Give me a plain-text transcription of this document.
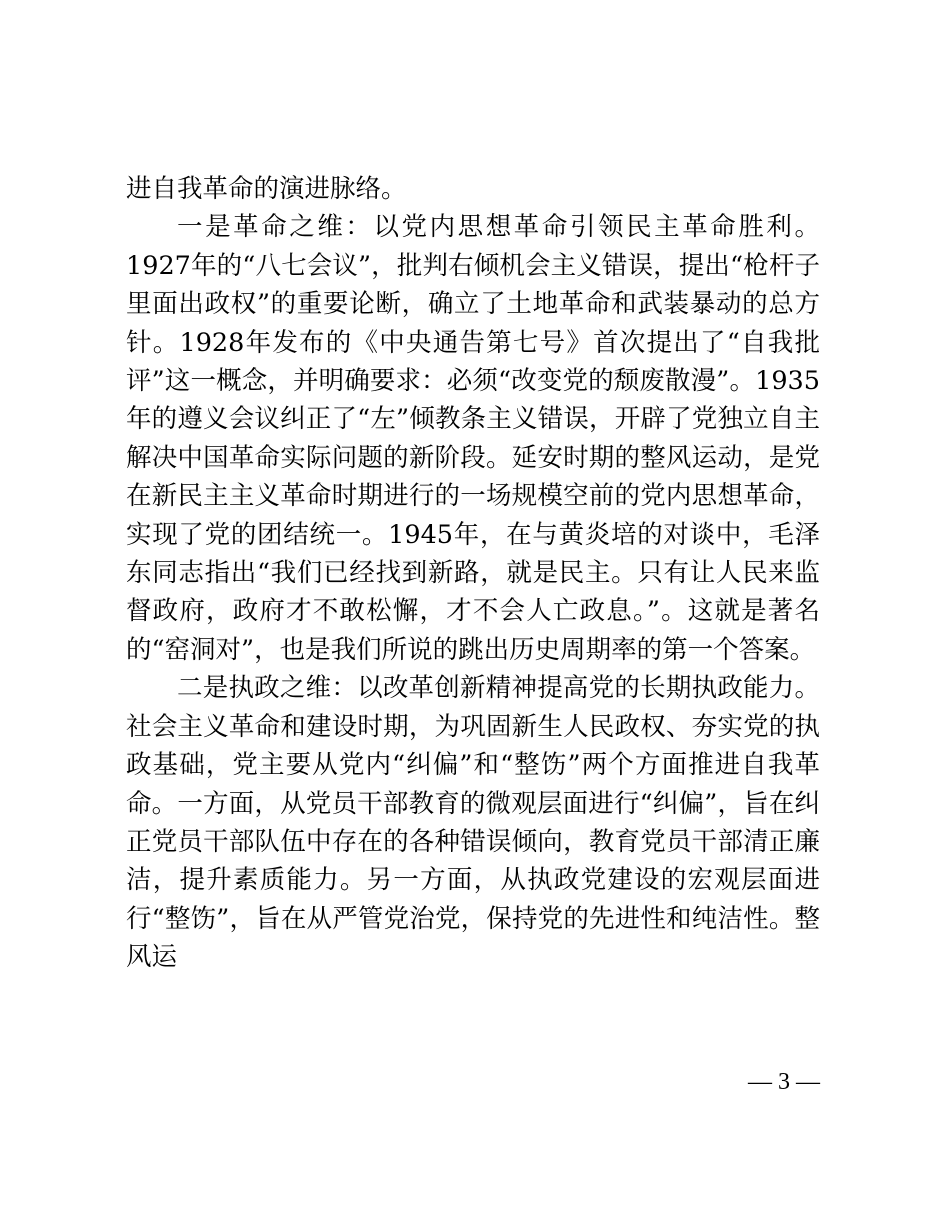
进自我革命的演进脉络。

一是革命之维：以党内思想革命引领民主革命胜利。1927年的“八七会议”，批判右倾机会主义错误，提出“枪杆子里面出政权”的重要论断，确立了土地革命和武装暴动的总方针。1928年发布的《中央通告第七号》首次提出了“自我批评”这一概念，并明确要求：必须“改变党的颓废散漫”。1935年的遵义会议纠正了“左”倾教条主义错误，开辟了党独立自主解决中国革命实际问题的新阶段。延安时期的整风运动，是党在新民主主义革命时期进行的一场规模空前的党内思想革命，实现了党的团结统一。1945年，在与黄炎培的对谈中，毛泽东同志指出“我们已经找到新路，就是民主。只有让人民来监督政府，政府才不敢松懈，才不会人亡政息。”。这就是著名的“窑洞对”，也是我们所说的跳出历史周期率的第一个答案。

二是执政之维：以改革创新精神提高党的长期执政能力。社会主义革命和建设时期，为巩固新生人民政权、夯实党的执政基础，党主要从党内“纠偏”和“整饬”两个方面推进自我革命。一方面，从党员干部教育的微观层面进行“纠偏”，旨在纠正党员干部队伍中存在的各种错误倾向，教育党员干部清正廉洁，提升素质能力。另一方面，从执政党建设的宏观层面进行“整饬”，旨在从严管党治党，保持党的先进性和纯洁性。整风运

— 3 —
